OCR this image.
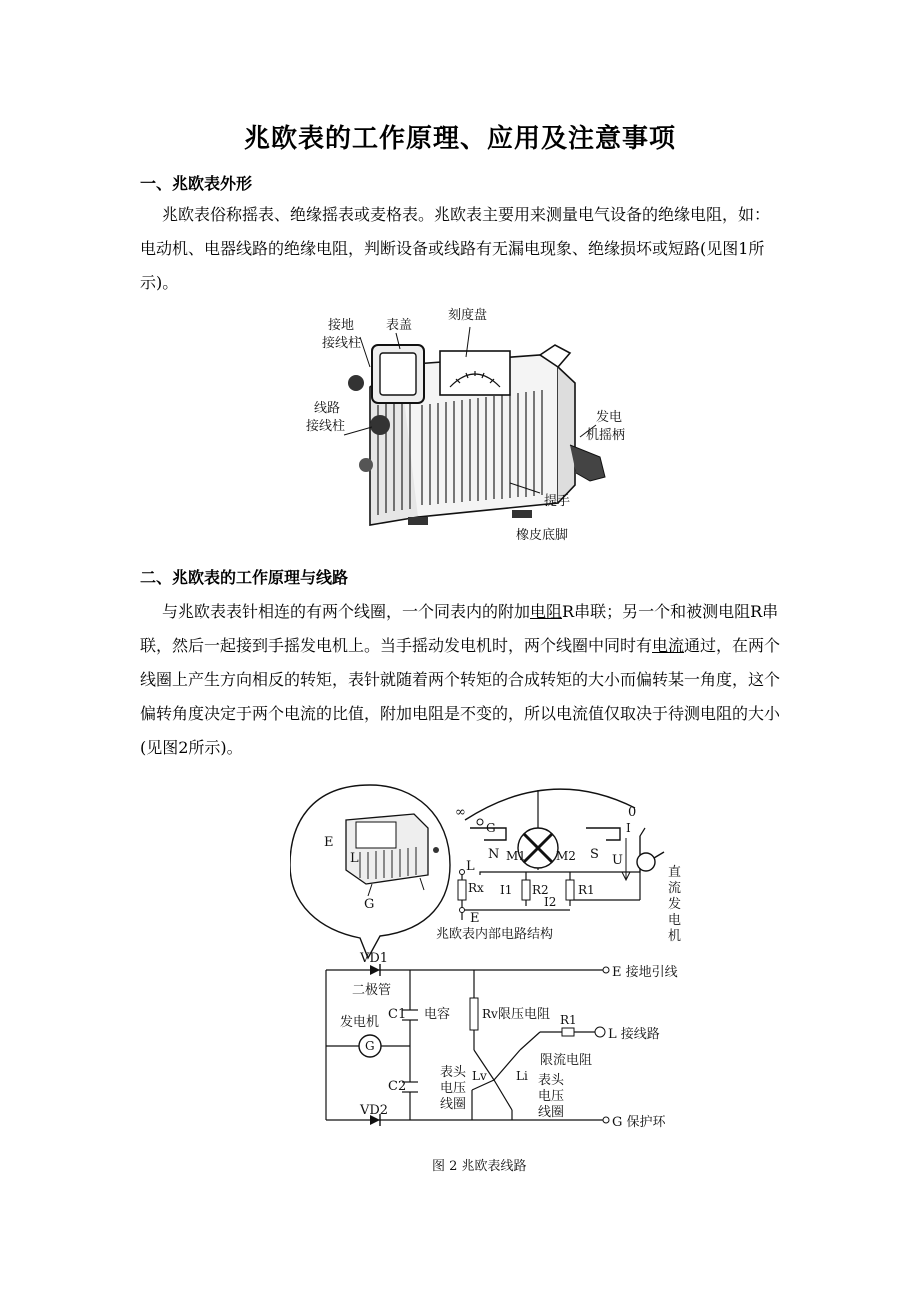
兆欧表的工作原理、应用及注意事项
一、兆欧表外形
兆欧表俗称摇表、绝缘摇表或麦格表。兆欧表主要用来测量电气设备的绝缘电阻，如：电动机、电器线路的绝缘电阻，判断设备或线路有无漏电现象、绝缘损坏或短路(见图1所示)。
接地
接线柱
表盖
刻度盘
线路
接线柱
发电
机摇柄
提手
橡皮底脚
二、兆欧表的工作原理与线路
与兆欧表表针相连的有两个线圈，一个同表内的附加电阻R串联；另一个和被测电阻R串联，然后一起接到手摇发电机上。当手摇动发电机时，两个线圈中同时有电流通过，在两个线圈上产生方向相反的转矩，表针就随着两个转矩的合成转矩的大小而偏转某一角度，这个偏转角度决定于两个电流的比值，附加电阻是不变的，所以电流值仅取决于待测电阻的大小(见图2所示)。
E
L
G
∞	0
N	S
M1	M2
G
L
Rx I1 R2
I2
R1
E
I
U
直
流
发
电
机
兆欧表内部电路结构
G
VD1
二极管
C1 电容
发电机
C2
VD2
Rv 限压电阻 R1
限流电阻
E 接地引线
L 接线路
G 保护环
Lv Li
表头
电压
线圈
表头
电压
线圈
图 2 兆欧表线路
